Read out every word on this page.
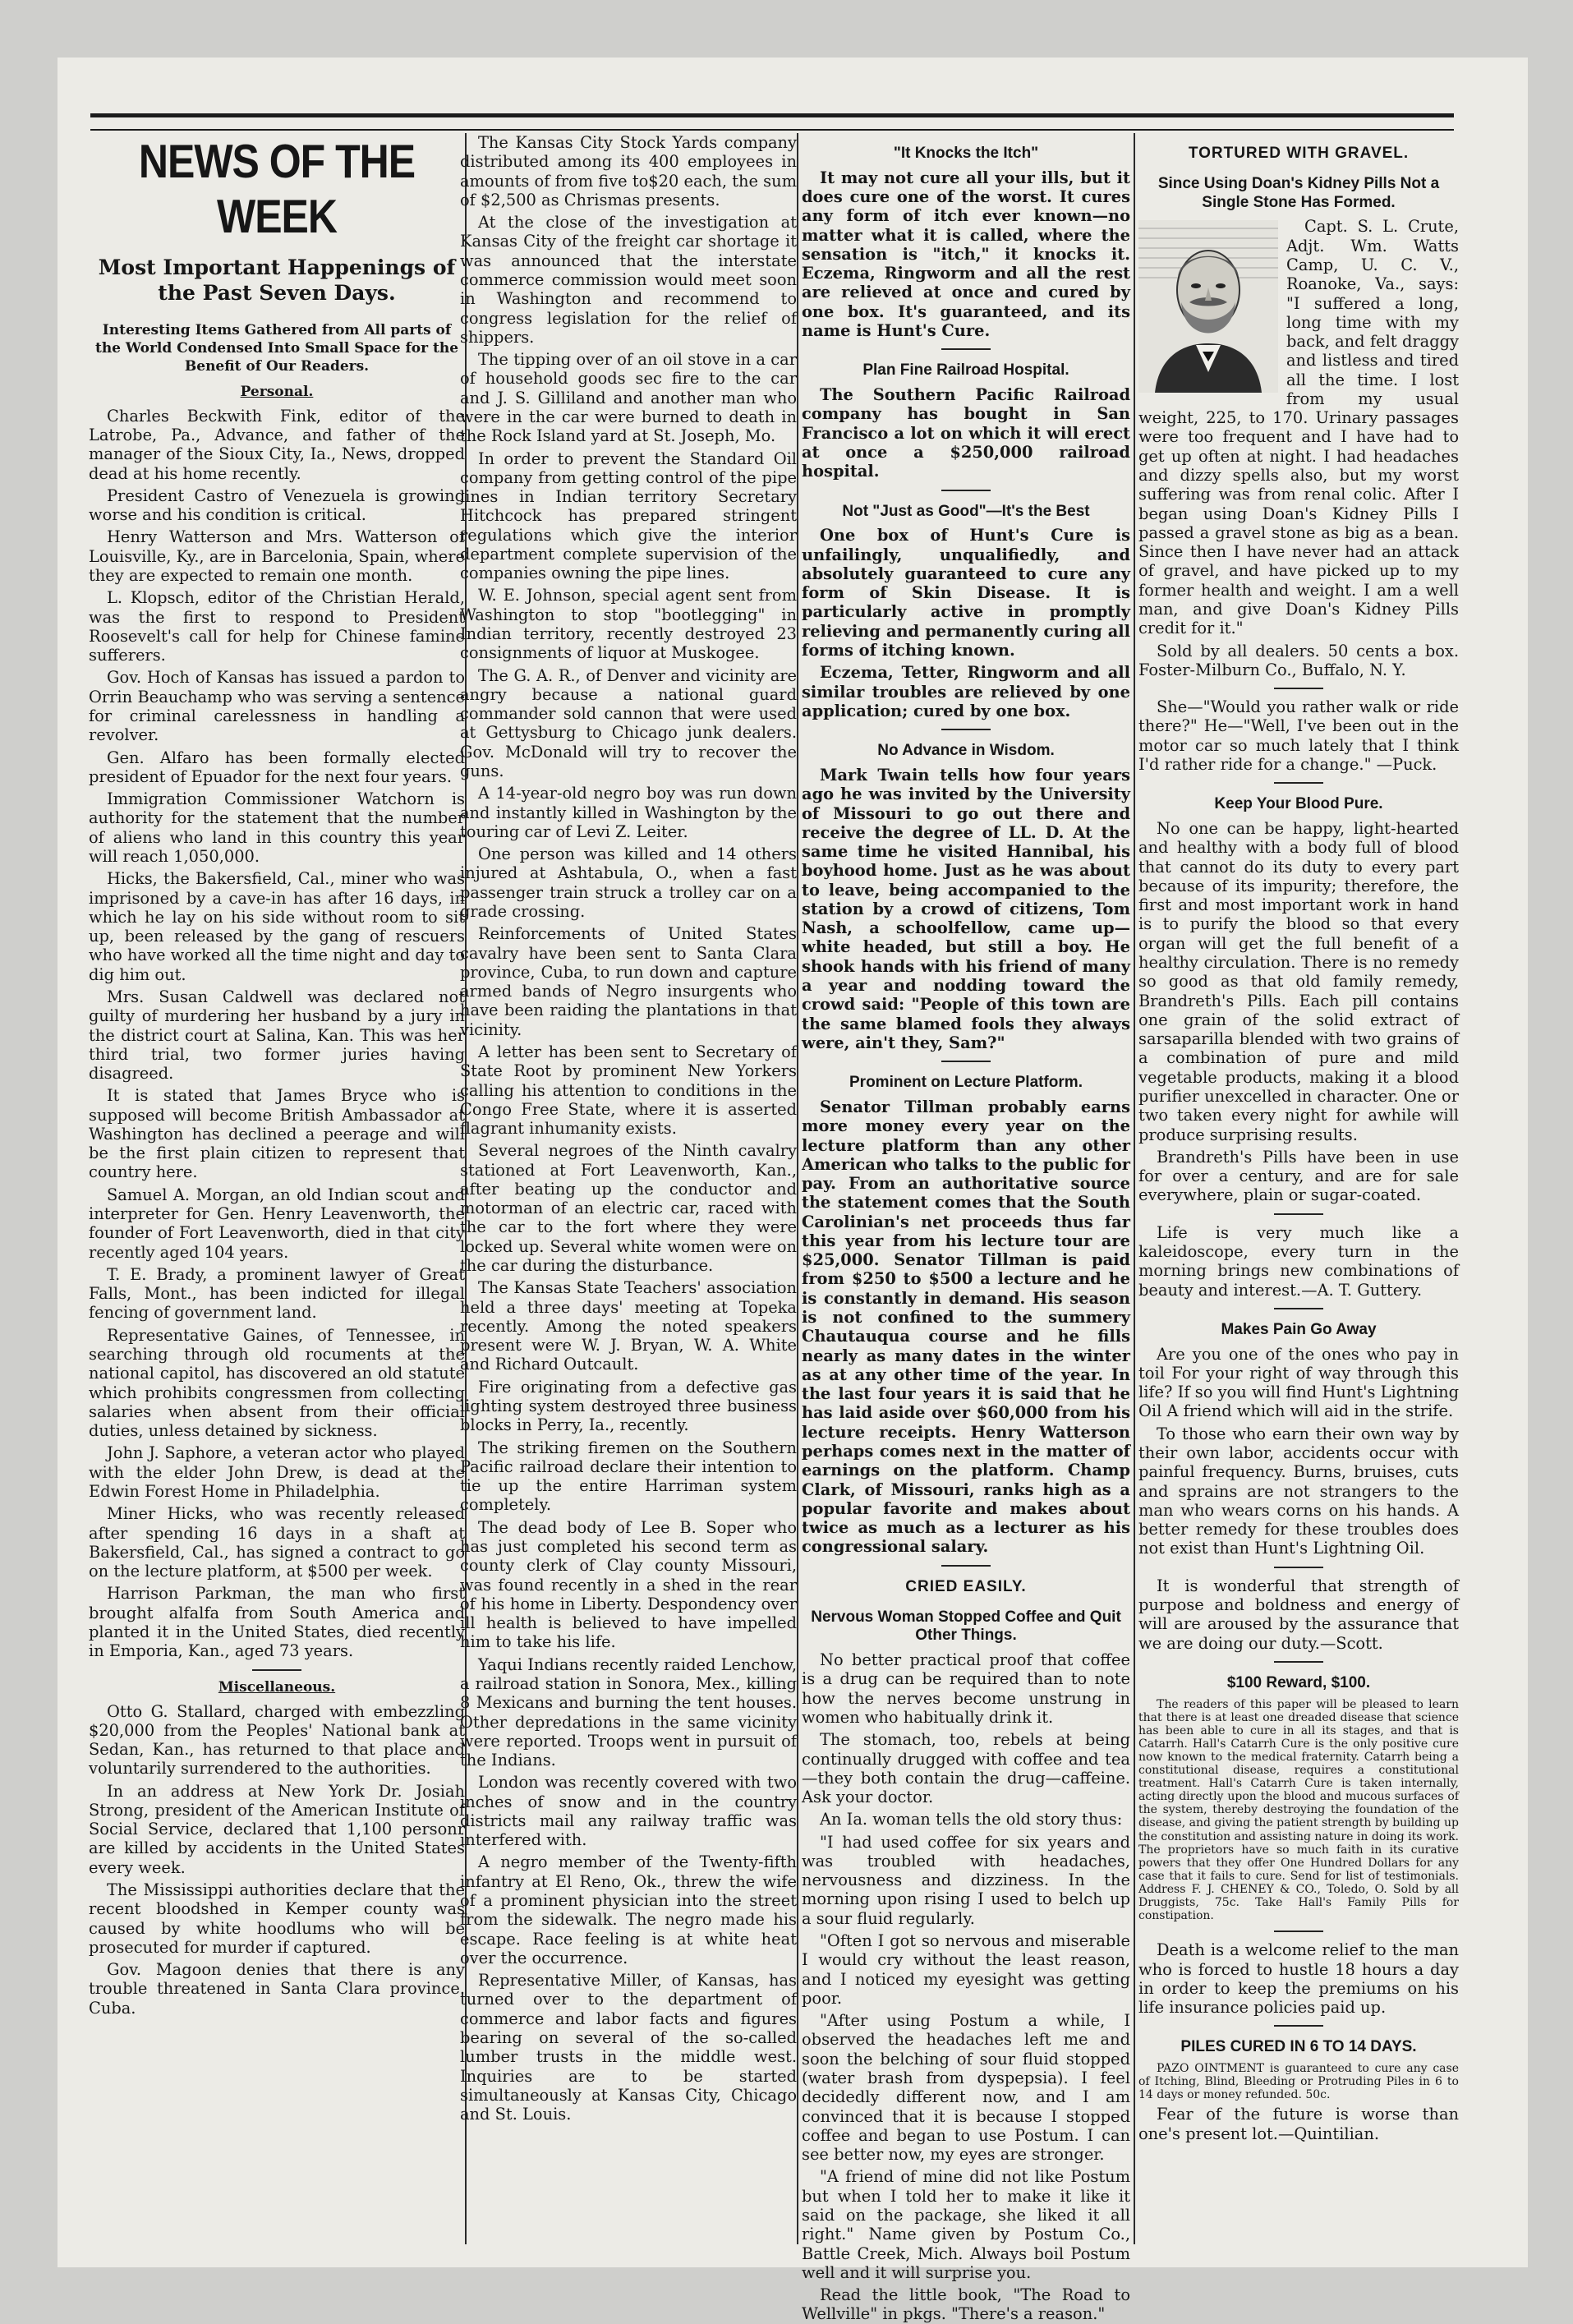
NEWS OF THE WEEK
Most Important Happenings of the Past Seven Days.
Interesting Items Gathered from All parts of the World Condensed Into Small Space for the Benefit of Our Readers.
Personal.

Charles Beckwith Fink, editor of the Latrobe, Pa., Advance, and father of the manager of the Sioux City, Ia., News, dropped dead at his home recently.

President Castro of Venezuela is growing worse and his condition is critical.

Henry Watterson and Mrs. Watterson of Louisville, Ky., are in Barcelonia, Spain, where they are expected to remain one month.

L. Klopsch, editor of the Christian Herald, was the first to respond to President Roosevelt's call for help for Chinese famine sufferers.

Gov. Hoch of Kansas has issued a pardon to Orrin Beauchamp who was serving a sentence for criminal carelessness in handling a revolver.

Gen. Alfaro has been formally elected president of Epuador for the next four years.

Immigration Commissioner Watchorn is authority for the statement that the number of aliens who land in this country this year will reach 1,050,000.

Hicks, the Bakersfield, Cal., miner who was imprisoned by a cave-in has after 16 days, in which he lay on his side without room to sit up, been released by the gang of rescuers who have worked all the time night and day to dig him out.

Mrs. Susan Caldwell was declared not guilty of murdering her husband by a jury in the district court at Salina, Kan. This was her third trial, two former juries having disagreed.

It is stated that James Bryce who is supposed will become British Ambassador at Washington has declined a peerage and will be the first plain citizen to represent that country here.

Samuel A. Morgan, an old Indian scout and interpreter for Gen. Henry Leavenworth, the founder of Fort Leavenworth, died in that city recently aged 104 years.

T. E. Brady, a prominent lawyer of Great Falls, Mont., has been indicted for illegal fencing of government land.

Representative Gaines, of Tennessee, in searching through old rocuments at the national capitol, has discovered an old statute which prohibits congressmen from collecting salaries when absent from their official duties, unless detained by sickness.

John J. Saphore, a veteran actor who played with the elder John Drew, is dead at the Edwin Forest Home in Philadelphia.

Miner Hicks, who was recently released after spending 16 days in a shaft at Bakersfield, Cal., has signed a contract to go on the lecture platform, at $500 per week.

Harrison Parkman, the man who first brought alfalfa from South America and planted it in the United States, died recently in Emporia, Kan., aged 73 years.

Miscellaneous.

Otto G. Stallard, charged with embezzling $20,000 from the Peoples' National bank at Sedan, Kan., has returned to that place and voluntarily surrendered to the authorities.

In an address at New York Dr. Josiah Strong, president of the American Institute of Social Service, declared that 1,100 personr are killed by accidents in the United States every week.

The Mississippi authorities declare that the recent bloodshed in Kemper county was caused by white hoodlums who will be prosecuted for murder if captured.

Gov. Magoon denies that there is any trouble threatened in Santa Clara province. Cuba.

The Kansas City Stock Yards company distributed among its 400 employees in amounts of from five to$20 each, the sum of $2,500 as Chrismas presents.

At the close of the investigation at Kansas City of the freight car shortage it was announced that the interstate commerce commission would meet soon in Washington and recommend to congress legislation for the relief of shippers.

The tipping over of an oil stove in a car of household goods sec fire to the car and J. S. Gilliland and another man who were in the car were burned to death in the Rock Island yard at St. Joseph, Mo.

In order to prevent the Standard Oil company from getting control of the pipe lines in Indian territory Secretary Hitchcock has prepared stringent regulations which give the interior department complete supervision of the companies owning the pipe lines.

W. E. Johnson, special agent sent from Washington to stop "bootlegging" in Indian territory, recently destroyed 23 consignments of liquor at Muskogee.

The G. A. R., of Denver and vicinity are angry because a national guard commander sold cannon that were used at Gettysburg to Chicago junk dealers. Gov. McDonald will try to recover the guns.

A 14-year-old negro boy was run down and instantly killed in Washington by the touring car of Levi Z. Leiter.

One person was killed and 14 others injured at Ashtabula, O., when a fast passenger train struck a trolley car on a grade crossing.

Reinforcements of United States cavalry have been sent to Santa Clara province, Cuba, to run down and capture armed bands of Negro insurgents who have been raiding the plantations in that vicinity.

A letter has been sent to Secretary of State Root by prominent New Yorkers calling his attention to conditions in the Congo Free State, where it is asserted flagrant inhumanity exists.

Several negroes of the Ninth cavalry stationed at Fort Leavenworth, Kan., after beating up the conductor and motorman of an electric car, raced with the car to the fort where they were locked up. Several white women were on the car during the disturbance.

The Kansas State Teachers' association held a three days' meeting at Topeka recently. Among the noted speakers present were W. J. Bryan, W. A. White and Richard Outcault.

Fire originating from a defective gas lighting system destroyed three business blocks in Perry, Ia., recently.

The striking firemen on the Southern Pacific railroad declare their intention to tie up the entire Harriman system completely.

The dead body of Lee B. Soper who has just completed his second term as county clerk of Clay county Missouri, was found recently in a shed in the rear of his home in Liberty. Despondency over ill health is believed to have impelled him to take his life.

Yaqui Indians recently raided Lenchow, a railroad station in Sonora, Mex., killing 8 Mexicans and burning the tent houses. Other depredations in the same vicinity were reported. Troops went in pursuit of the Indians.

London was recently covered with two inches of snow and in the country districts mail any railway traffic was interfered with.

A negro member of the Twenty-fifth infantry at El Reno, Ok., threw the wife of a prominent physician into the street from the sidewalk. The negro made his escape. Race feeling is at white heat over the occurrence.

Representative Miller, of Kansas, has turned over to the department of commerce and labor facts and figures bearing on several of the so-called lumber trusts in the middle west. Inquiries are to be started simultaneously at Kansas City, Chicago and St. Louis.

"It Knocks the Itch"

It may not cure all your ills, but it does cure one of the worst. It cures any form of itch ever known—no matter what it is called, where the sensation is "itch," it knocks it. Eczema, Ringworm and all the rest are relieved at once and cured by one box. It's guaranteed, and its name is Hunt's Cure.

Plan Fine Railroad Hospital.

The Southern Pacific Railroad company has bought in San Francisco a lot on which it will erect at once a $250,000 railroad hospital.

Not "Just as Good"—It's the Best

One box of Hunt's Cure is unfailingly, unqualifiedly, and absolutely guaranteed to cure any form of Skin Disease. It is particularly active in promptly relieving and permanently curing all forms of itching known.

Eczema, Tetter, Ringworm and all similar troubles are relieved by one application; cured by one box.

No Advance in Wisdom.

Mark Twain tells how four years ago he was invited by the University of Missouri to go out there and receive the degree of LL. D. At the same time he visited Hannibal, his boyhood home. Just as he was about to leave, being accompanied to the station by a crowd of citizens, Tom Nash, a schoolfellow, came up—white headed, but still a boy. He shook hands with his friend of many a year and nodding toward the crowd said: "People of this town are the same blamed fools they always were, ain't they, Sam?"

Prominent on Lecture Platform.

Senator Tillman probably earns more money every year on the lecture platform than any other American who talks to the public for pay. From an authoritative source the statement comes that the South Carolinian's net proceeds thus far this year from his lecture tour are $25,000. Senator Tillman is paid from $250 to $500 a lecture and he is constantly in demand. His season is not confined to the summery Chautauqua course and he fills nearly as many dates in the winter as at any other time of the year. In the last four years it is said that he has laid aside over $60,000 from his lecture receipts. Henry Watterson perhaps comes next in the matter of earnings on the platform. Champ Clark, of Missouri, ranks high as a popular favorite and makes about twice as much as a lecturer as his congressional salary.

CRIED EASILY.
Nervous Woman Stopped Coffee and Quit Other Things.

No better practical proof that coffee is a drug can be required than to note how the nerves become unstrung in women who habitually drink it.

The stomach, too, rebels at being continually drugged with coffee and tea—they both contain the drug—caffeine. Ask your doctor.

An Ia. woman tells the old story thus:

"I had used coffee for six years and was troubled with headaches, nervousness and dizziness. In the morning upon rising I used to belch up a sour fluid regularly.

"Often I got so nervous and miserable I would cry without the least reason, and I noticed my eyesight was getting poor.

"After using Postum a while, I observed the headaches left me and soon the belching of sour fluid stopped (water brash from dyspepsia). I feel decidedly different now, and I am convinced that it is because I stopped coffee and began to use Postum. I can see better now, my eyes are stronger.

"A friend of mine did not like Postum but when I told her to make it like it said on the package, she liked it all right." Name given by Postum Co., Battle Creek, Mich. Always boil Postum well and it will surprise you.

Read the little book, "The Road to Wellville" in pkgs. "There's a reason."

TORTURED WITH GRAVEL.
Since Using Doan's Kidney Pills Not a Single Stone Has Formed.

Capt. S. L. Crute, Adjt. Wm. Watts Camp, U. C. V., Roanoke, Va., says: "I suffered a long, long time with my back, and felt draggy and listless and tired all the time. I lost from my usual weight, 225, to 170. Urinary passages were too frequent and I have had to get up often at night. I had headaches and dizzy spells also, but my worst suffering was from renal colic. After I began using Doan's Kidney Pills I passed a gravel stone as big as a bean. Since then I have never had an attack of gravel, and have picked up to my former health and weight. I am a well man, and give Doan's Kidney Pills credit for it."

Sold by all dealers. 50 cents a box. Foster-Milburn Co., Buffalo, N. Y.

She—"Would you rather walk or ride there?" He—"Well, I've been out in the motor car so much lately that I think I'd rather ride for a change." —Puck.

Keep Your Blood Pure.

No one can be happy, light-hearted and healthy with a body full of blood that cannot do its duty to every part because of its impurity; therefore, the first and most important work in hand is to purify the blood so that every organ will get the full benefit of a healthy circulation. There is no remedy so good as that old family remedy, Brandreth's Pills. Each pill contains one grain of the solid extract of sarsaparilla blended with two grains of a combination of pure and mild vegetable products, making it a blood purifier unexcelled in character. One or two taken every night for awhile will produce surprising results.

Brandreth's Pills have been in use for over a century, and are for sale everywhere, plain or sugar-coated.

Life is very much like a kaleidoscope, every turn in the morning brings new combinations of beauty and interest.—A. T. Guttery.

Makes Pain Go Away

Are you one of the ones who pay in toil For your right of way through this life? If so you will find Hunt's Lightning Oil A friend which will aid in the strife.

To those who earn their own way by their own labor, accidents occur with painful frequency. Burns, bruises, cuts and sprains are not strangers to the man who wears corns on his hands. A better remedy for these troubles does not exist than Hunt's Lightning Oil.

It is wonderful that strength of purpose and boldness and energy of will are aroused by the assurance that we are doing our duty.—Scott.

$100 Reward, $100.

The readers of this paper will be pleased to learn that there is at least one dreaded disease that science has been able to cure in all its stages, and that is Catarrh. Hall's Catarrh Cure is the only positive cure now known to the medical fraternity. Catarrh being a constitutional disease, requires a constitutional treatment. Hall's Catarrh Cure is taken internally, acting directly upon the blood and mucous surfaces of the system, thereby destroying the foundation of the disease, and giving the patient strength by building up the constitution and assisting nature in doing its work. The proprietors have so much faith in its curative powers that they offer One Hundred Dollars for any case that it fails to cure. Send for list of testimonials. Address F. J. CHENEY & CO., Toledo, O. Sold by all Druggists, 75c. Take Hall's Family Pills for constipation.

Death is a welcome relief to the man who is forced to hustle 18 hours a day in order to keep the premiums on his life insurance policies paid up.

PILES CURED IN 6 TO 14 DAYS.

PAZO OINTMENT is guaranteed to cure any case of Itching, Blind, Bleeding or Protruding Piles in 6 to 14 days or money refunded. 50c.

Fear of the future is worse than one's present lot.—Quintilian.
